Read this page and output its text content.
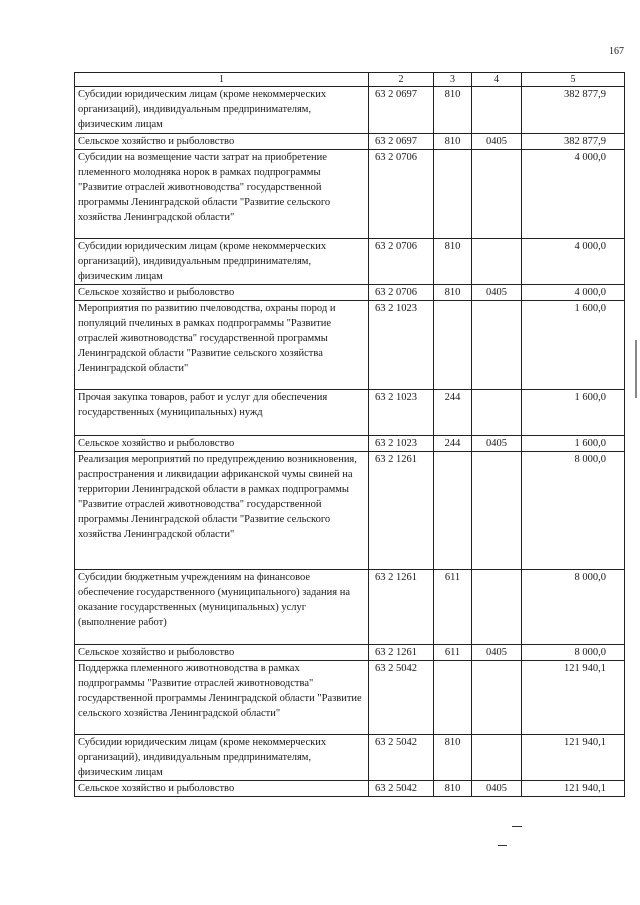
167
1	2	3	4	5
Субсидии юридическим лицам (кроме некоммерческих организаций), индивидуальным предпринимателям, физическим лицам	63 2 0697	810		382 877,9
Сельское хозяйство и рыболовство	63 2 0697	810	0405	382 877,9
Субсидии на возмещение части затрат на приобретение племенного молодняка норок в рамках подпрограммы "Развитие отраслей животноводства" государственной программы Ленинградской области "Развитие сельского хозяйства Ленинградской области"	63 2 0706			4 000,0
Субсидии юридическим лицам (кроме некоммерческих организаций), индивидуальным предпринимателям, физическим лицам	63 2 0706	810		4 000,0
Сельское хозяйство и рыболовство	63 2 0706	810	0405	4 000,0
Мероприятия по развитию пчеловодства, охраны пород и популяций пчелиных в рамках подпрограммы "Развитие отраслей животноводства" государственной программы Ленинградской области "Развитие сельского хозяйства Ленинградской области"	63 2 1023			1 600,0
Прочая закупка товаров, работ и услуг для обеспечения государственных (муниципальных) нужд	63 2 1023	244		1 600,0
Сельское хозяйство и рыболовство	63 2 1023	244	0405	1 600,0
Реализация мероприятий по предупреждению возникновения, распространения и ликвидации африканской чумы свиней на территории Ленинградской области в рамках подпрограммы "Развитие отраслей животноводства" государственной программы Ленинградской области "Развитие сельского хозяйства Ленинградской области"	63 2 1261			8 000,0
Субсидии бюджетным учреждениям на финансовое обеспечение государственного (муниципального) задания на оказание государственных (муниципальных) услуг (выполнение работ)	63 2 1261	611		8 000,0
Сельское хозяйство и рыболовство	63 2 1261	611	0405	8 000,0
Поддержка племенного животноводства в рамках подпрограммы "Развитие отраслей животноводства" государственной программы Ленинградской области "Развитие сельского хозяйства Ленинградской области"	63 2 5042			121 940,1
Субсидии юридическим лицам (кроме некоммерческих организаций), индивидуальным предпринимателям, физическим лицам	63 2 5042	810		121 940,1
Сельское хозяйство и рыболовство	63 2 5042	810	0405	121 940,1
